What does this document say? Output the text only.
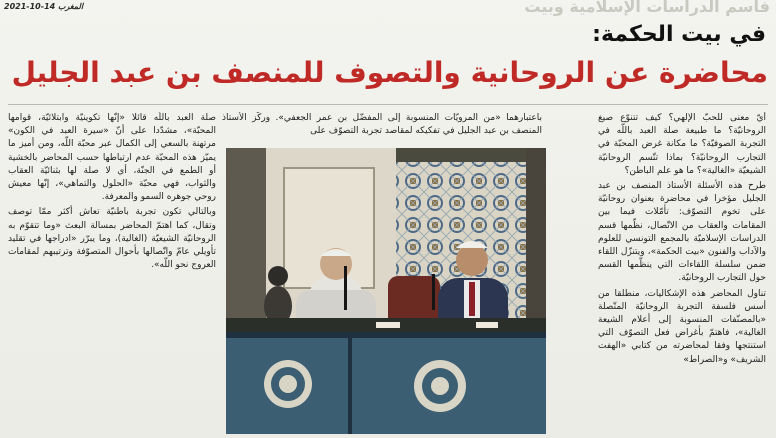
فاسم الدراسات الإسلامية وبيت
المغرب 14-10-2021
في بيت الحكمة:
محاضرة عن الروحانية والتصوف للمنصف بن عبد الجليل

أيّ معنى للحبّ الإلهي؟ كيف تتنوّع صيغ الروحانيّة؟ ما طبيعة صلة العبد باللّه في التجربة الصوفيّة؟ ما مكانة غرض المحبّة في التجارب الروحانيّة؟ بماذا تتّسم الروحانيّة الشيعيّة «الغالية»؟ ما هو علم الباطن؟

طرح هذه الأسئلة الأستاذ المنصف بن عبد الجليل مؤخرا في محاضرة بعنوان روحانيّة على تخوم التصوّف: تأمّلات فيما بين المقامات والعقاب من الاتّصال، نظّمها قسم الدراسات الإسلاميّة بالمجمع التونسي للعلوم والآداب والفنون «بيت الحكمة»، ويتنزّل اللقاء ضمن سلسلة اللقاءات التي ينظّمها القسم حول التجارب الروحانيّة.

تناول المحاضر هذه الإشكاليات، منطلقا من أسس فلسفة التجربة الروحانيّة المتّصلة «بالمصنّفات المنسوبة إلى أعلام الشيعة الغالية»، فاهتمّ بأغراض فعل التصوّف التي استنتجها وفقا لمحاضرته من كتابي «الهفت الشريف» و«الصراط»

باعتبارهما «من المرويّات المنسوبة إلى المفضّل بن عمر الجعفي». وركّز الأستاذ المنصف بن عبد الجليل في تفكيكه لمقاصد تجربة التصوّف على

صلة العبد باللّه قائلا «إنّها تكوينيّة وابتلائيّة، قوامها المحبّة»، مشدّدا على أنّ «سيرة العبد في الكون» مرتهنة بالسعي إلى الكمال عبر محبّة اللّه، ومن أميز ما يميّز هذه المحبّة عدم ارتباطها حسب المحاضر بالخشية أو الطمع في الجنّة، أي لا صلة لها بثنائيّة العقاب والثواب، فهي محبّة «الحلول والتماهي»، إنّها معيش روحي جوهره السمو والمعرفة.

وبالتالي تكون تجربة باطنيّة تعاش أكثر ممّا توصف وتقال، كما اهتمّ المحاضر بمسالة البعث «وما تتقوّم به الروحانيّة الشيعيّة (الغالية)، وما يبرّر «ادراجها في تقليد تأويلي عامّ واتّصالها بأحوال المتصوّفة وترتيبهم لمقامات العروج نحو اللّه».
